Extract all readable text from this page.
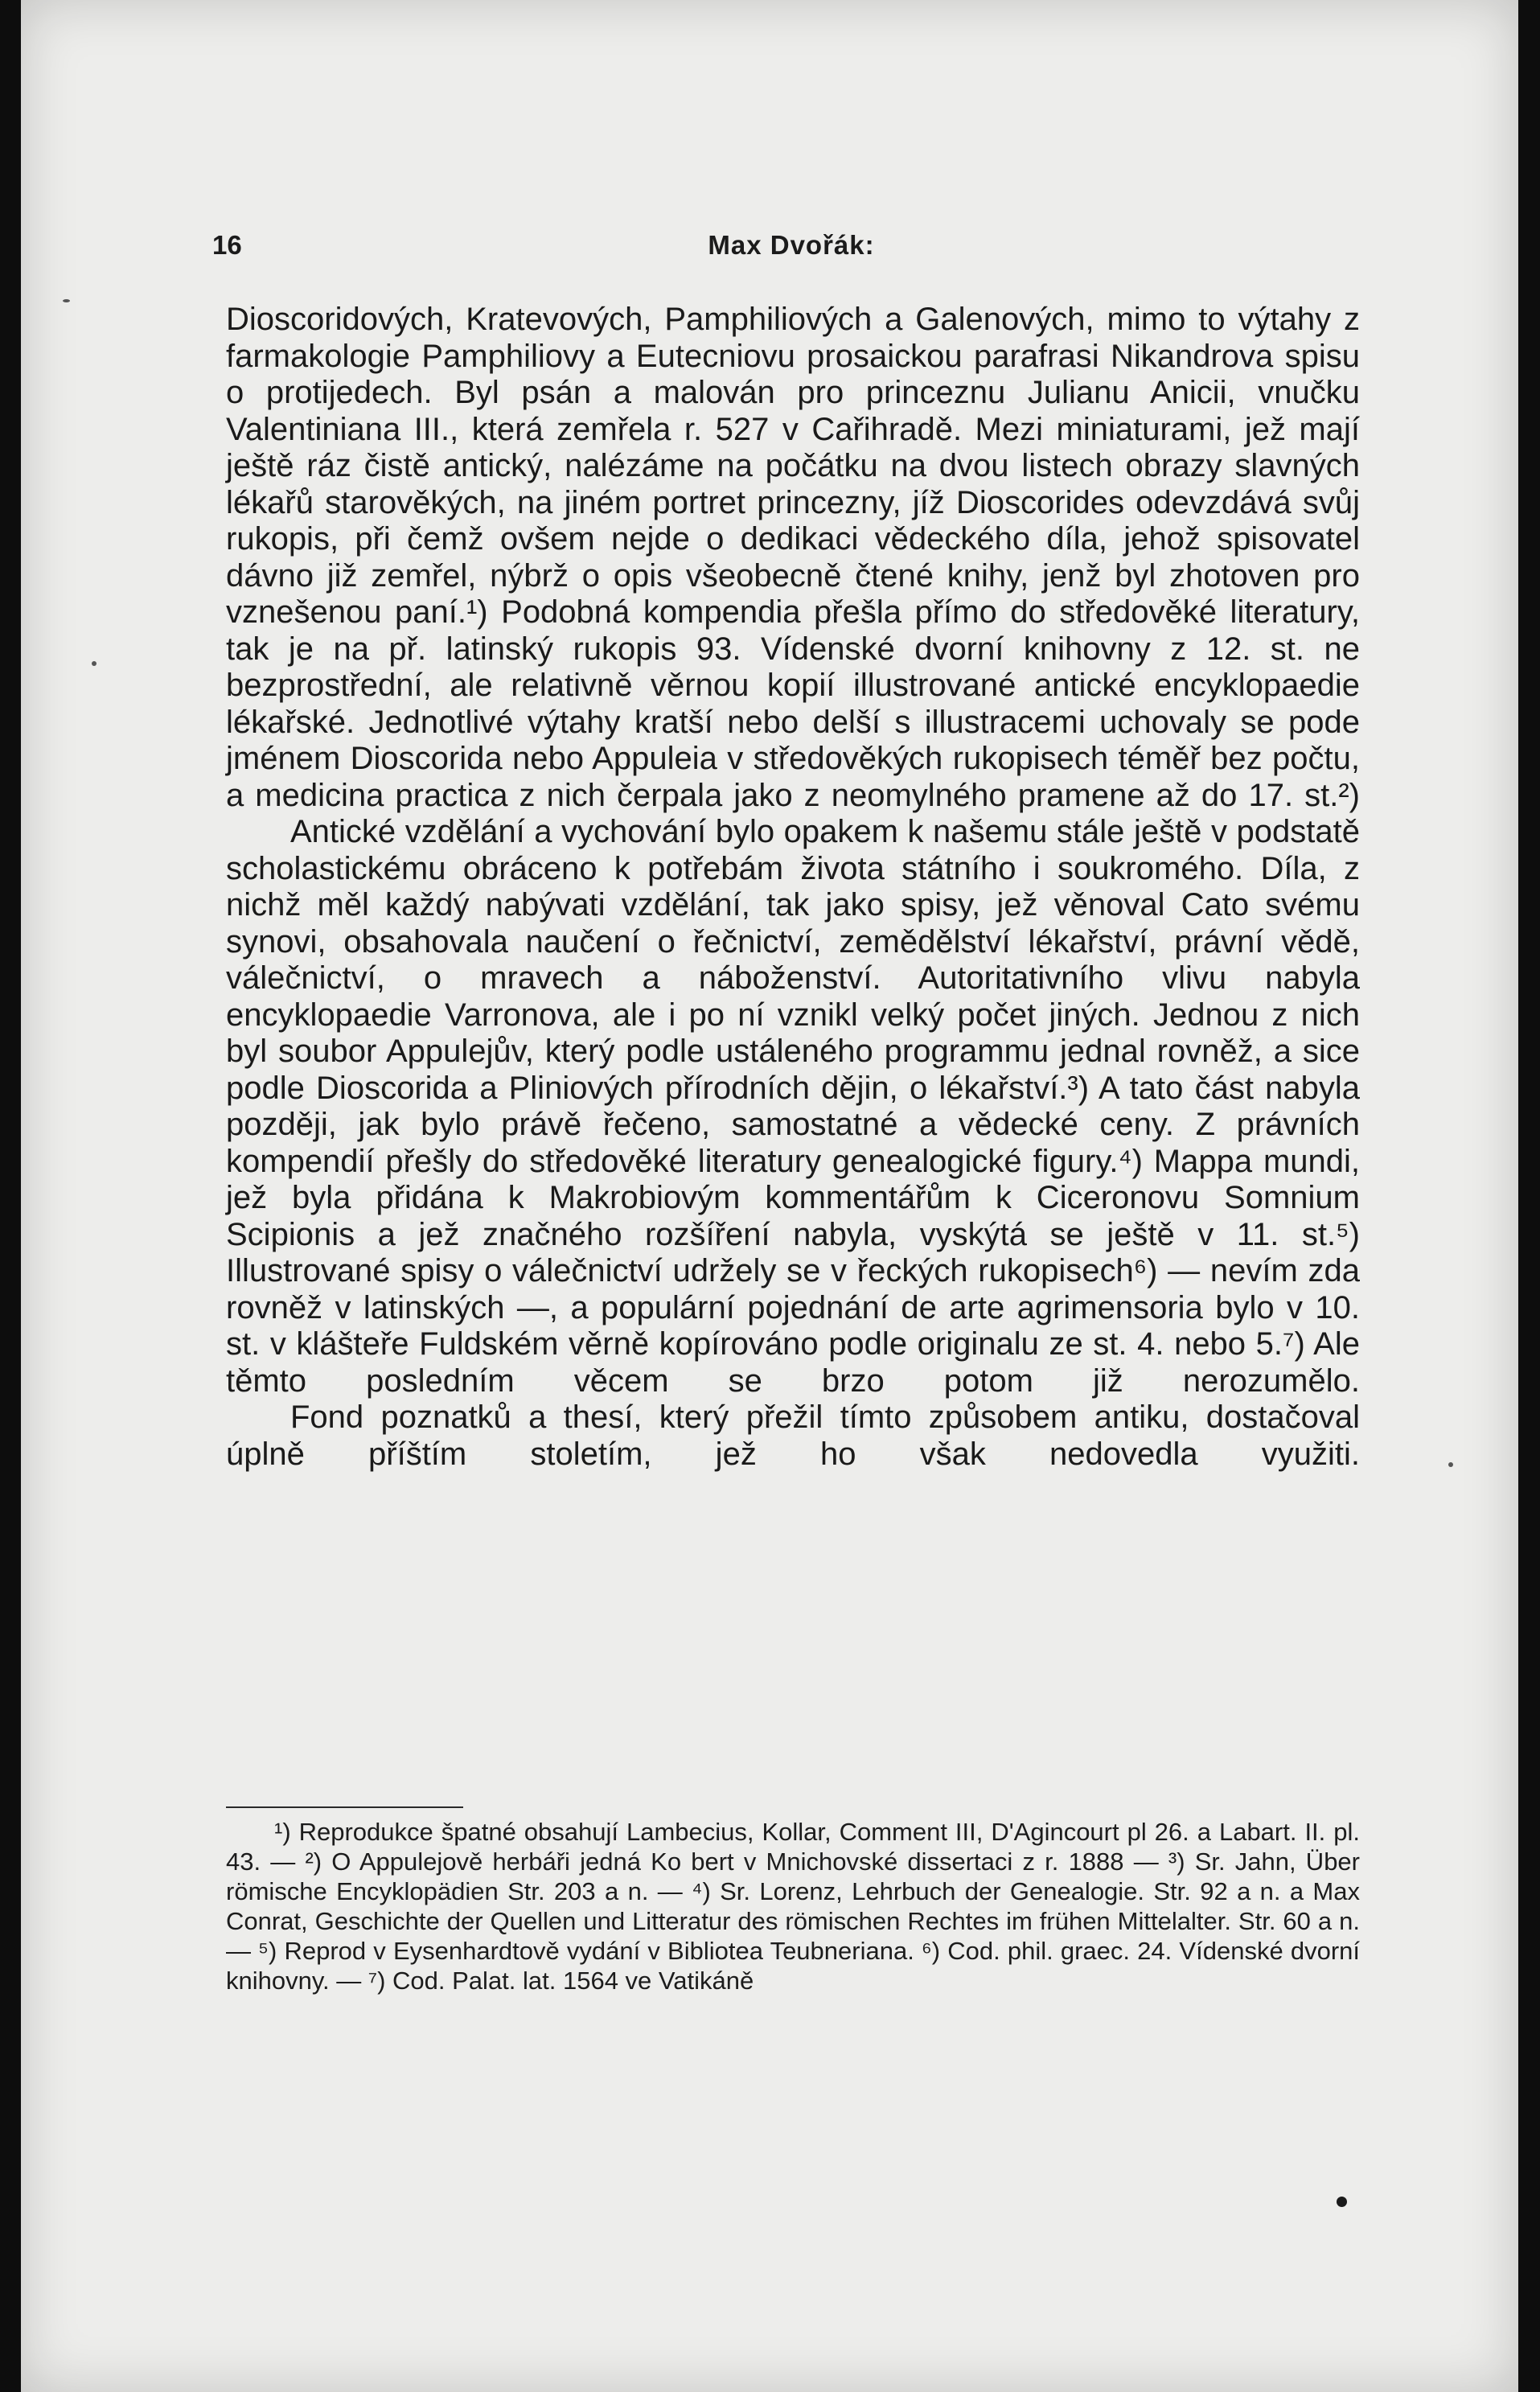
16	Max Dvořák:

Dioscoridových, Kratevových, Pamphiliových a Galenových, mimo to výtahy z farmakologie Pamphiliovy a Eutecniovu prosaickou parafrasi Nikandrova spisu o protijedech. Byl psán a malován pro princeznu Julianu Anicii, vnučku Valentiniana III., která zemřela r. 527 v Cařihradě. Mezi miniaturami, jež mají ještě ráz čistě antický, nalézáme na počátku na dvou listech obrazy slavných lékařů starověkých, na jiném portret princezny, jíž Dioscorides odevzdává svůj rukopis, při čemž ovšem nejde o dedikaci vědeckého díla, jehož spisovatel dávno již zemřel, nýbrž o opis všeobecně čtené knihy, jenž byl zhotoven pro vznešenou paní.¹) Podobná kompendia přešla přímo do středověké literatury, tak je na př. latinský rukopis 93. Vídenské dvorní knihovny z 12. st. ne bezprostřední, ale relativně věrnou kopií illustrované antické encyklopaedie lékařské. Jednotlivé výtahy kratší nebo delší s illustracemi uchovaly se pode jménem Dioscorida nebo Appuleia v středověkých rukopisech téměř bez počtu, a medicina practica z nich čerpala jako z neomylného pramene až do 17. st.²)

Antické vzdělání a vychování bylo opakem k našemu stále ještě v podstatě scholastickému obráceno k potřebám života státního i soukromého. Díla, z nichž měl každý nabývati vzdělání, tak jako spisy, jež věnoval Cato svému synovi, obsahovala naučení o řečnictví, zemědělství lékařství, právní vědě, válečnictví, o mravech a náboženství. Autoritativního vlivu nabyla encyklopaedie Varronova, ale i po ní vznikl velký počet jiných. Jednou z nich byl soubor Appulejův, který podle ustáleného programmu jednal rovněž, a sice podle Dioscorida a Pliniových přírodních dějin, o lékařství.³) A tato část nabyla později, jak bylo právě řečeno, samostatné a vědecké ceny. Z právních kompendií přešly do středověké literatury genealogické figury.⁴) Mappa mundi, jež byla přidána k Makrobiovým kommentářům k Ciceronovu Somnium Scipionis a jež značného rozšíření nabyla, vyskýtá se ještě v 11. st.⁵) Illustrované spisy o válečnictví udržely se v řeckých rukopisech⁶) — nevím zda rovněž v latinských —, a populární pojednání de arte agrimensoria bylo v 10. st. v klášteře Fuldském věrně kopírováno podle originalu ze st. 4. nebo 5.⁷) Ale těmto posledním věcem se brzo potom již nerozumělo.

Fond poznatků a thesí, který přežil tímto způsobem antiku, dostačoval úplně příštím stoletím, jež ho však nedovedla využiti.

¹) Reprodukce špatné obsahují Lambecius, Kollar, Comment III, D'Agincourt pl 26. a Labart. II. pl. 43. — ²) O Appulejově herbáři jedná Ko bert v Mnichovské dissertaci z r. 1888 — ³) Sr. Jahn, Über römische Encyklopädien Str. 203 a n. — ⁴) Sr. Lorenz, Lehrbuch der Genealogie. Str. 92 a n. a Max Conrat, Geschichte der Quellen und Litteratur des römischen Rechtes im frühen Mittelalter. Str. 60 a n. — ⁵) Reprod v Eysenhardtově vydání v Bibliotea Teubneriana. ⁶) Cod. phil. graec. 24. Vídenské dvorní knihovny. — ⁷) Cod. Palat. lat. 1564 ve Vatikáně
